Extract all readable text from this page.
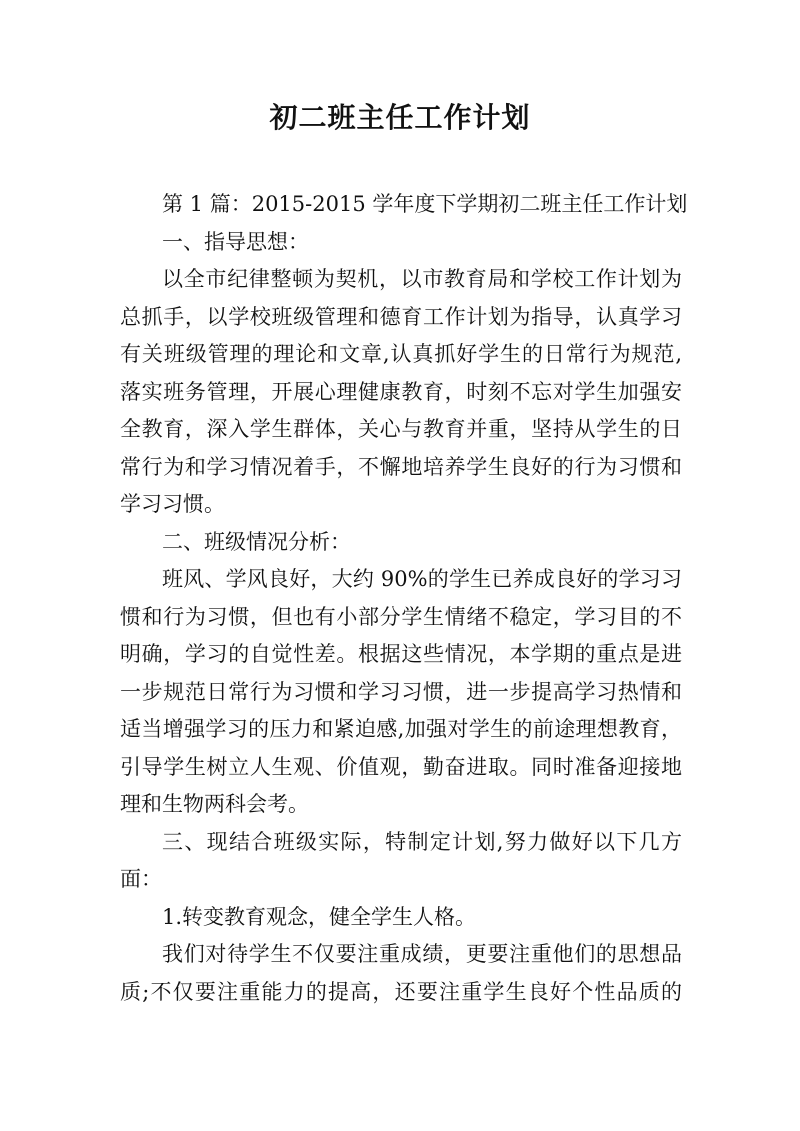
初二班主任工作计划
第 1 篇：2015-2015 学年度下学期初二班主任工作计划
一、指导思想：
以全市纪律整顿为契机，以市教育局和学校工作计划为
总抓手，以学校班级管理和德育工作计划为指导，认真学习
有关班级管理的理论和文章,认真抓好学生的日常行为规范,
落实班务管理，开展心理健康教育，时刻不忘对学生加强安
全教育，深入学生群体，关心与教育并重，坚持从学生的日
常行为和学习情况着手，不懈地培养学生良好的行为习惯和
学习习惯。
二、班级情况分析：
班风、学风良好，大约 90%的学生已养成良好的学习习
惯和行为习惯，但也有小部分学生情绪不稳定，学习目的不
明确，学习的自觉性差。根据这些情况，本学期的重点是进
一步规范日常行为习惯和学习习惯，进一步提高学习热情和
适当增强学习的压力和紧迫感,加强对学生的前途理想教育，
引导学生树立人生观、价值观，勤奋进取。同时准备迎接地
理和生物两科会考。
三、现结合班级实际，特制定计划,努力做好以下几方
面：
1.转变教育观念，健全学生人格。
我们对待学生不仅要注重成绩，更要注重他们的思想品
质;不仅要注重能力的提高，还要注重学生良好个性品质的
